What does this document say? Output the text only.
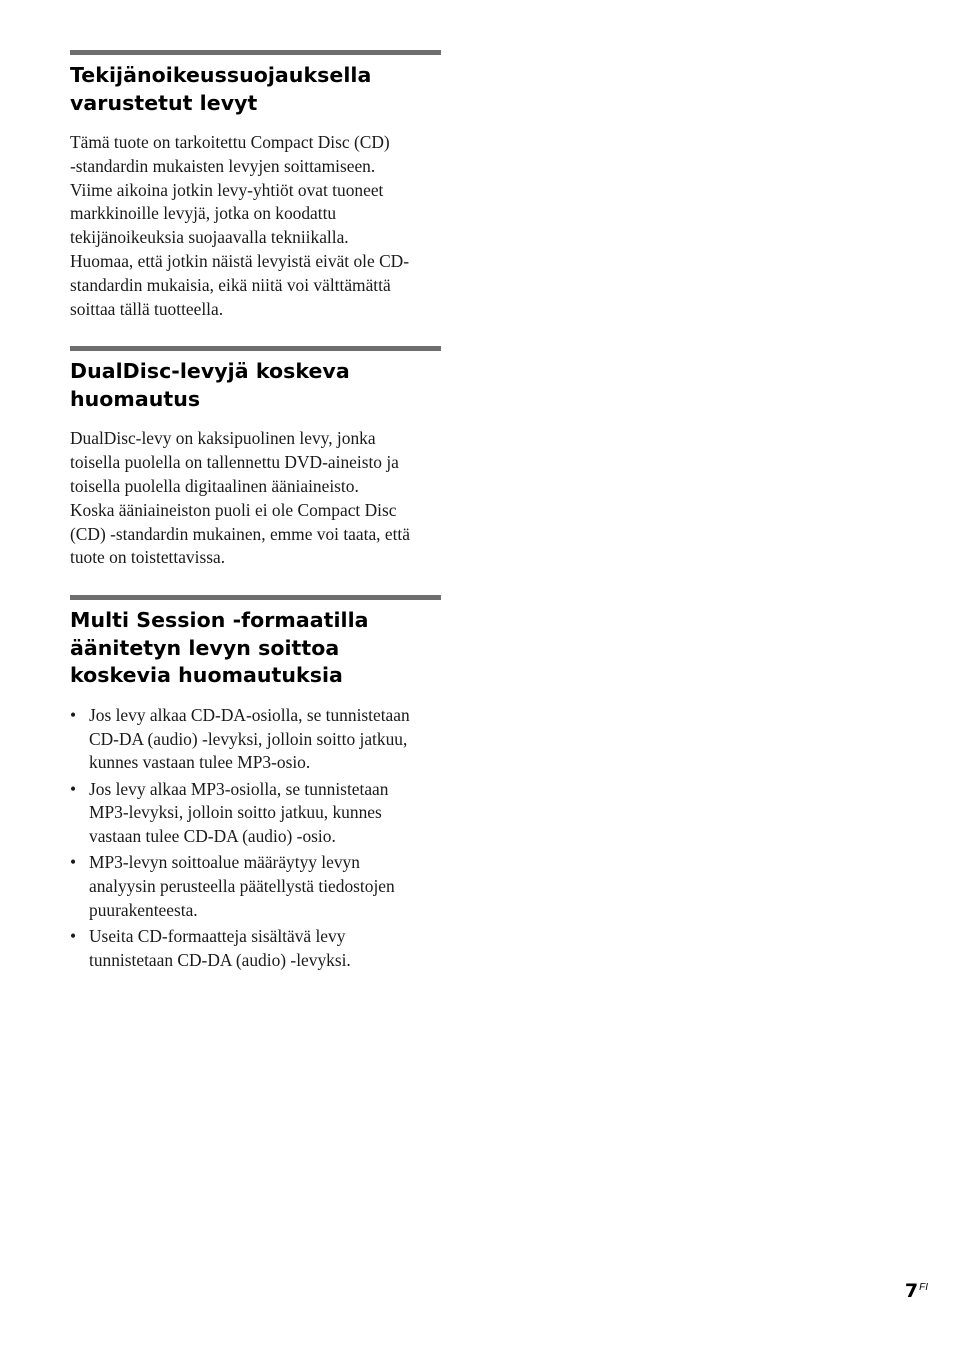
Tekijänoikeussuojauksella
varustetut levyt

Tämä tuote on tarkoitettu Compact Disc (CD)
-standardin mukaisten levyjen soittamiseen.
Viime aikoina jotkin levy-yhtiöt ovat tuoneet
markkinoille levyjä, jotka on koodattu
tekijänoikeuksia suojaavalla tekniikalla.
Huomaa, että jotkin näistä levyistä eivät ole CD-
standardin mukaisia, eikä niitä voi välttämättä
soittaa tällä tuotteella.

DualDisc-levyjä koskeva
huomautus

DualDisc-levy on kaksipuolinen levy, jonka
toisella puolella on tallennettu DVD-aineisto ja
toisella puolella digitaalinen ääniaineisto.
Koska ääniaineiston puoli ei ole Compact Disc
(CD) -standardin mukainen, emme voi taata, että
tuote on toistettavissa.

Multi Session -formaatilla
äänitetyn levyn soittoa
koskevia huomautuksia
• Jos levy alkaa CD-DA-osiolla, se tunnistetaan
CD-DA (audio) -levyksi, jolloin soitto jatkuu,
kunnes vastaan tulee MP3-osio.
• Jos levy alkaa MP3-osiolla, se tunnistetaan
MP3-levyksi, jolloin soitto jatkuu, kunnes
vastaan tulee CD-DA (audio) -osio.
• MP3-levyn soittoalue määräytyy levyn
analyysin perusteella päätellystä tiedostojen
puurakenteesta.
• Useita CD-formaatteja sisältävä levy
tunnistetaan CD-DA (audio) -levyksi.
$7^{FI}$
